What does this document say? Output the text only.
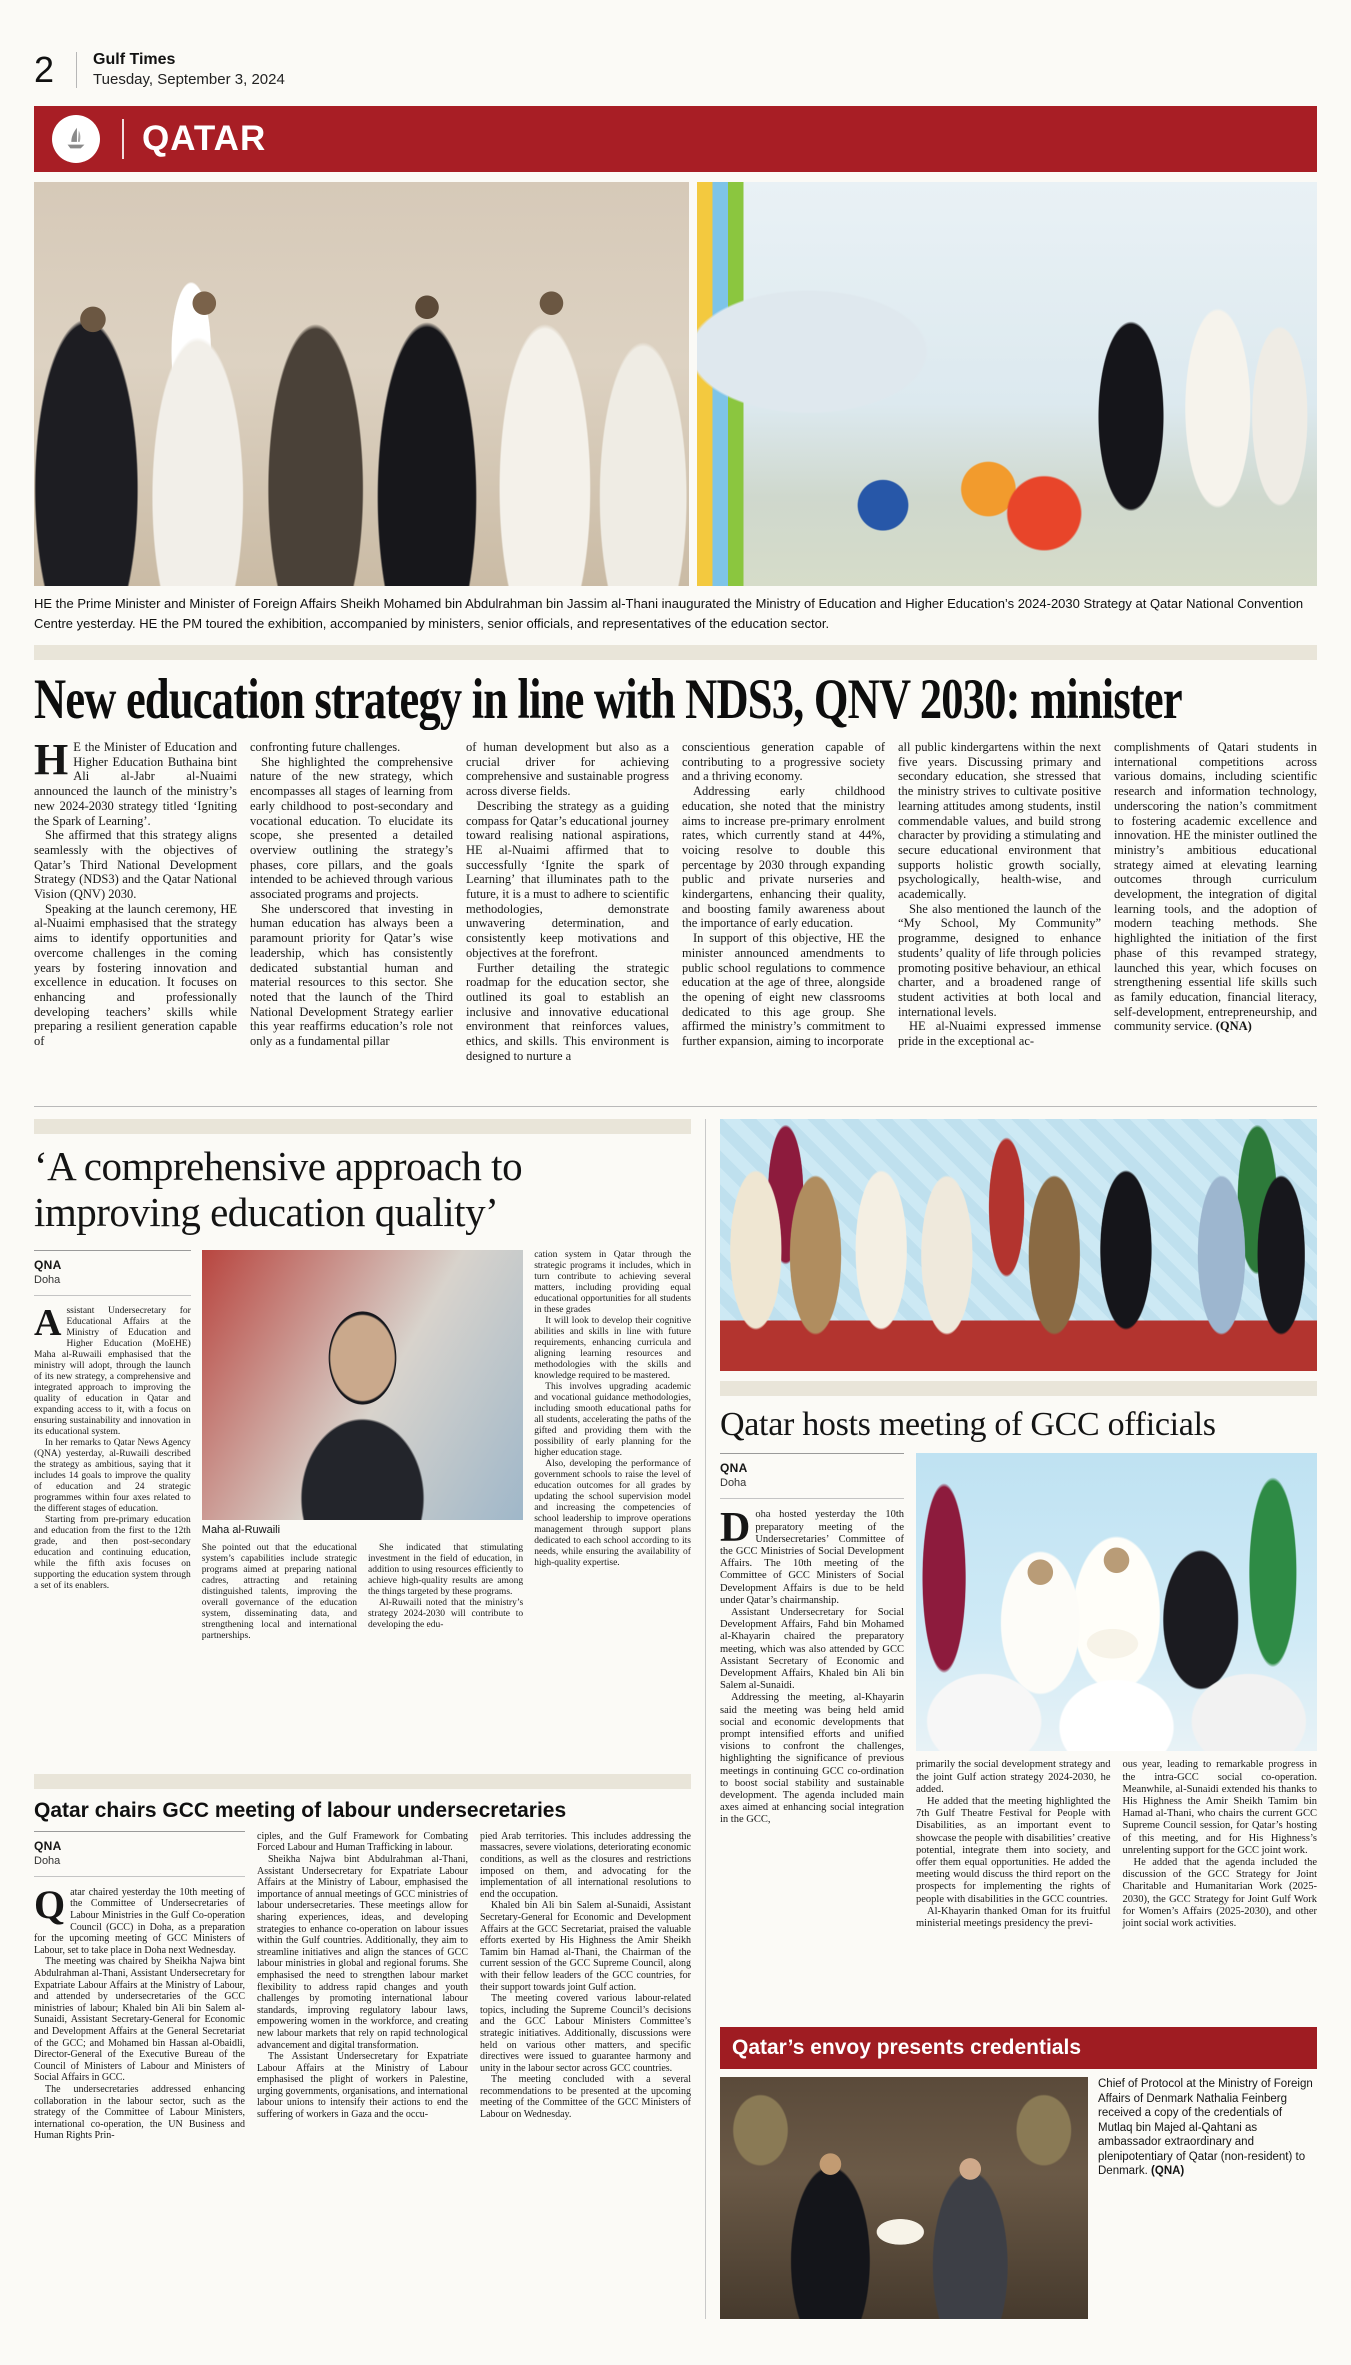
2 Gulf Times
Tuesday, September 3, 2024
QATAR

HE the Prime Minister and Minister of Foreign Affairs Sheikh Mohamed bin Abdulrahman bin Jassim al-Thani inaugurated the Ministry of Education and Higher Education’s 2024-2030 Strategy at Qatar National Convention Centre yesterday. HE the PM toured the exhibition, accompanied by ministers, senior officials, and representatives of the education sector.

New education strategy in line with NDS3, QNV 2030: minister

H E the Minister of Education and Higher Education Buthaina bint Ali al-Jabr al-Nuaimi announced the launch of the ministry’s new 2024-2030 strategy titled ‘Igniting the Spark of Learning’.

She affirmed that this strategy aligns seamlessly with the objectives of Qatar’s Third National Development Strategy (NDS3) and the Qatar National Vision (QNV) 2030.

Speaking at the launch ceremony, HE al-Nuaimi emphasised that the strategy aims to identify opportunities and overcome challenges in the coming years by fostering innovation and excellence in education. It focuses on enhancing and professionally developing teachers’ skills while preparing a resilient generation capable of

confronting future challenges.

She highlighted the comprehensive nature of the new strategy, which encompasses all stages of learning from early childhood to post-secondary and vocational education. To elucidate its scope, she presented a detailed overview outlining the strategy’s phases, core pillars, and the goals intended to be achieved through various associated programs and projects.

She underscored that investing in human education has always been a paramount priority for Qatar’s wise leadership, which has consistently dedicated substantial human and material resources to this sector. She noted that the launch of the Third National Development Strategy earlier this year reaffirms education’s role not only as a fundamental pillar

of human development but also as a crucial driver for achieving comprehensive and sustainable progress across diverse fields.

Describing the strategy as a guiding compass for Qatar’s educational journey toward realising national aspirations, HE al-Nuaimi affirmed that to successfully ‘Ignite the spark of Learning’ that illuminates path to the future, it is a must to adhere to scientific methodologies, demonstrate unwavering determination, and consistently keep motivations and objectives at the forefront.

Further detailing the strategic roadmap for the education sector, she outlined its goal to establish an inclusive and innovative educational environment that reinforces values, ethics, and skills. This environment is designed to nurture a

conscientious generation capable of contributing to a progressive society and a thriving economy.

Addressing early childhood education, she noted that the ministry aims to increase pre-primary enrolment rates, which currently stand at 44%, voicing resolve to double this percentage by 2030 through expanding public and private nurseries and kindergartens, enhancing their quality, and boosting family awareness about the importance of early education.

In support of this objective, HE the minister announced amendments to public school regulations to commence education at the age of three, alongside the opening of eight new classrooms dedicated to this age group. She affirmed the ministry’s commitment to further expansion, aiming to incorporate

all public kindergartens within the next five years. Discussing primary and secondary education, she stressed that the ministry strives to cultivate positive learning attitudes among students, instil commendable values, and build strong character by providing a stimulating and secure educational environment that supports holistic growth socially, psychologically, health-wise, and academically.

She also mentioned the launch of the “My School, My Community” programme, designed to enhance students’ quality of life through policies promoting positive behaviour, an ethical charter, and a broadened range of student activities at both local and international levels.

HE al-Nuaimi expressed immense pride in the exceptional ac-

complishments of Qatari students in international competitions across various domains, including scientific research and information technology, underscoring the nation’s commitment to fostering academic excellence and innovation. HE the minister outlined the ministry’s ambitious educational strategy aimed at elevating learning outcomes through curriculum development, the integration of digital learning tools, and the adoption of modern teaching methods. She highlighted the initiation of the first phase of this revamped strategy, launched this year, which focuses on strengthening essential life skills such as family education, financial literacy, self-development, entrepreneurship, and community service. (QNA)

‘A comprehensive approach to improving education quality’
QNA
Doha

Assistant Undersecretary for Educational Affairs at the Ministry of Education and Higher Education (MoEHE) Maha al-Ruwaili emphasised that the ministry will adopt, through the launch of its new strategy, a comprehensive and integrated approach to improving the quality of education in Qatar and expanding access to it, with a focus on ensuring sustainability and innovation in its educational system.

In her remarks to Qatar News Agency (QNA) yesterday, al-Ruwaili described the strategy as ambitious, saying that it includes 14 goals to improve the quality of education and 24 strategic programmes within four axes related to the different stages of education.

Starting from pre-primary education and education from the first to the 12th grade, and then post-secondary education and continuing education, while the fifth axis focuses on supporting the education system through a set of its enablers.

Maha al-Ruwaili

She pointed out that the educational system’s capabilities include strategic programs aimed at preparing national cadres, attracting and retaining distinguished talents, improving the overall governance of the education system, disseminating data, and strengthening local and international partnerships.

She indicated that stimulating investment in the field of education, in addition to using resources efficiently to achieve high-quality results are among the things targeted by these programs.

Al-Ruwaili noted that the ministry’s strategy 2024-2030 will contribute to developing the edu-

cation system in Qatar through the strategic programs it includes, which in turn contribute to achieving several matters, including providing equal educational opportunities for all students in these grades

It will look to develop their cognitive abilities and skills in line with future requirements, enhancing curricula and aligning learning resources and methodologies with the skills and knowledge required to be mastered.

This involves upgrading academic and vocational guidance methodologies, including smooth educational paths for all students, accelerating the paths of the gifted and providing them with the possibility of early planning for the higher education stage.

Also, developing the performance of government schools to raise the level of education outcomes for all grades by updating the school supervision model and increasing the competencies of school leadership to improve operations management through support plans dedicated to each school according to its needs, while ensuring the availability of high-quality expertise.

Qatar chairs GCC meeting of labour undersecretaries
QNA
Doha

Qatar chaired yesterday the 10th meeting of the Committee of Undersecretaries of Labour Ministries in the Gulf Co-operation Council (GCC) in Doha, as a preparation for the upcoming meeting of GCC Ministers of Labour, set to take place in Doha next Wednesday.

The meeting was chaired by Sheikha Najwa bint Abdulrahman al-Thani, Assistant Undersecretary for Expatriate Labour Affairs at the Ministry of Labour, and attended by undersecretaries of the GCC ministries of labour; Khaled bin Ali bin Salem al-Sunaidi, Assistant Secretary-General for Economic and Development Affairs at the General Secretariat of the GCC; and Mohamed bin Hassan al-Obaidli, Director-General of the Executive Bureau of the Council of Ministers of Labour and Ministers of Social Affairs in GCC.

The undersecretaries addressed enhancing collaboration in the labour sector, such as the strategy of the Committee of Labour Ministers, international co-operation, the UN Business and Human Rights Prin-

ciples, and the Gulf Framework for Combating Forced Labour and Human Trafficking in labour.

Sheikha Najwa bint Abdulrahman al-Thani, Assistant Undersecretary for Expatriate Labour Affairs at the Ministry of Labour, emphasised the importance of annual meetings of GCC ministries of labour undersecretaries. These meetings allow for sharing experiences, ideas, and developing strategies to enhance co-operation on labour issues within the Gulf countries. Additionally, they aim to streamline initiatives and align the stances of GCC labour ministries in global and regional forums. She emphasised the need to strengthen labour market flexibility to address rapid changes and youth challenges by promoting international labour standards, improving regulatory labour laws, empowering women in the workforce, and creating new labour markets that rely on rapid technological advancement and digital transformation.

The Assistant Undersecretary for Expatriate Labour Affairs at the Ministry of Labour emphasised the plight of workers in Palestine, urging governments, organisations, and international labour unions to intensify their actions to end the suffering of workers in Gaza and the occu-

pied Arab territories. This includes addressing the massacres, severe violations, deteriorating economic conditions, as well as the closures and restrictions imposed on them, and advocating for the implementation of all international resolutions to end the occupation.

Khaled bin Ali bin Salem al-Sunaidi, Assistant Secretary-General for Economic and Development Affairs at the GCC Secretariat, praised the valuable efforts exerted by His Highness the Amir Sheikh Tamim bin Hamad al-Thani, the Chairman of the current session of the GCC Supreme Council, along with their fellow leaders of the GCC countries, for their support towards joint Gulf action.

The meeting covered various labour-related topics, including the Supreme Council’s decisions and the GCC Labour Ministers Committee’s strategic initiatives. Additionally, discussions were held on various other matters, and specific directives were issued to guarantee harmony and unity in the labour sector across GCC countries.

The meeting concluded with a several recommendations to be presented at the upcoming meeting of the Committee of the GCC Ministers of Labour on Wednesday.

Qatar hosts meeting of GCC officials
QNA
Doha

Doha hosted yesterday the 10th preparatory meeting of the Undersecretaries’ Committee of the GCC Ministries of Social Development Affairs. The 10th meeting of the Committee of GCC Ministers of Social Development Affairs is due to be held under Qatar’s chairmanship.

Assistant Undersecretary for Social Development Affairs, Fahd bin Mohamed al-Khayarin chaired the preparatory meeting, which was also attended by GCC Assistant Secretary of Economic and Development Affairs, Khaled bin Ali bin Salem al-Sunaidi.

Addressing the meeting, al-Khayarin said the meeting was being held amid social and economic developments that prompt intensified efforts and unified visions to confront the challenges, highlighting the significance of previous meetings in continuing GCC co-ordination to boost social stability and sustainable development. The agenda included main axes aimed at enhancing social integration in the GCC,

primarily the social development strategy and the joint Gulf action strategy 2024-2030, he added.

He added that the meeting highlighted the 7th Gulf Theatre Festival for People with Disabilities, as an important event to showcase the people with disabilities’ creative potential, integrate them into society, and offer them equal opportunities. He added the meeting would discuss the third report on the prospects for implementing the rights of people with disabilities in the GCC countries.

Al-Khayarin thanked Oman for its fruitful ministerial meetings presidency the previ-

ous year, leading to remarkable progress in the intra-GCC social co-operation. Meanwhile, al-Sunaidi extended his thanks to His Highness the Amir Sheikh Tamim bin Hamad al-Thani, who chairs the current GCC Supreme Council session, for Qatar’s hosting of this meeting, and for His Highness’s unrelenting support for the GCC joint work.

He added that the agenda included the discussion of the GCC Strategy for Joint Charitable and Humanitarian Work (2025-2030), the GCC Strategy for Joint Gulf Work for Women’s Affairs (2025-2030), and other joint social work activities.

Qatar’s envoy presents credentials

Chief of Protocol at the Ministry of Foreign Affairs of Denmark Nathalia Feinberg received a copy of the credentials of Mutlaq bin Majed al-Qahtani as ambassador extraordinary and plenipotentiary of Qatar (non-resident) to Denmark. (QNA)
